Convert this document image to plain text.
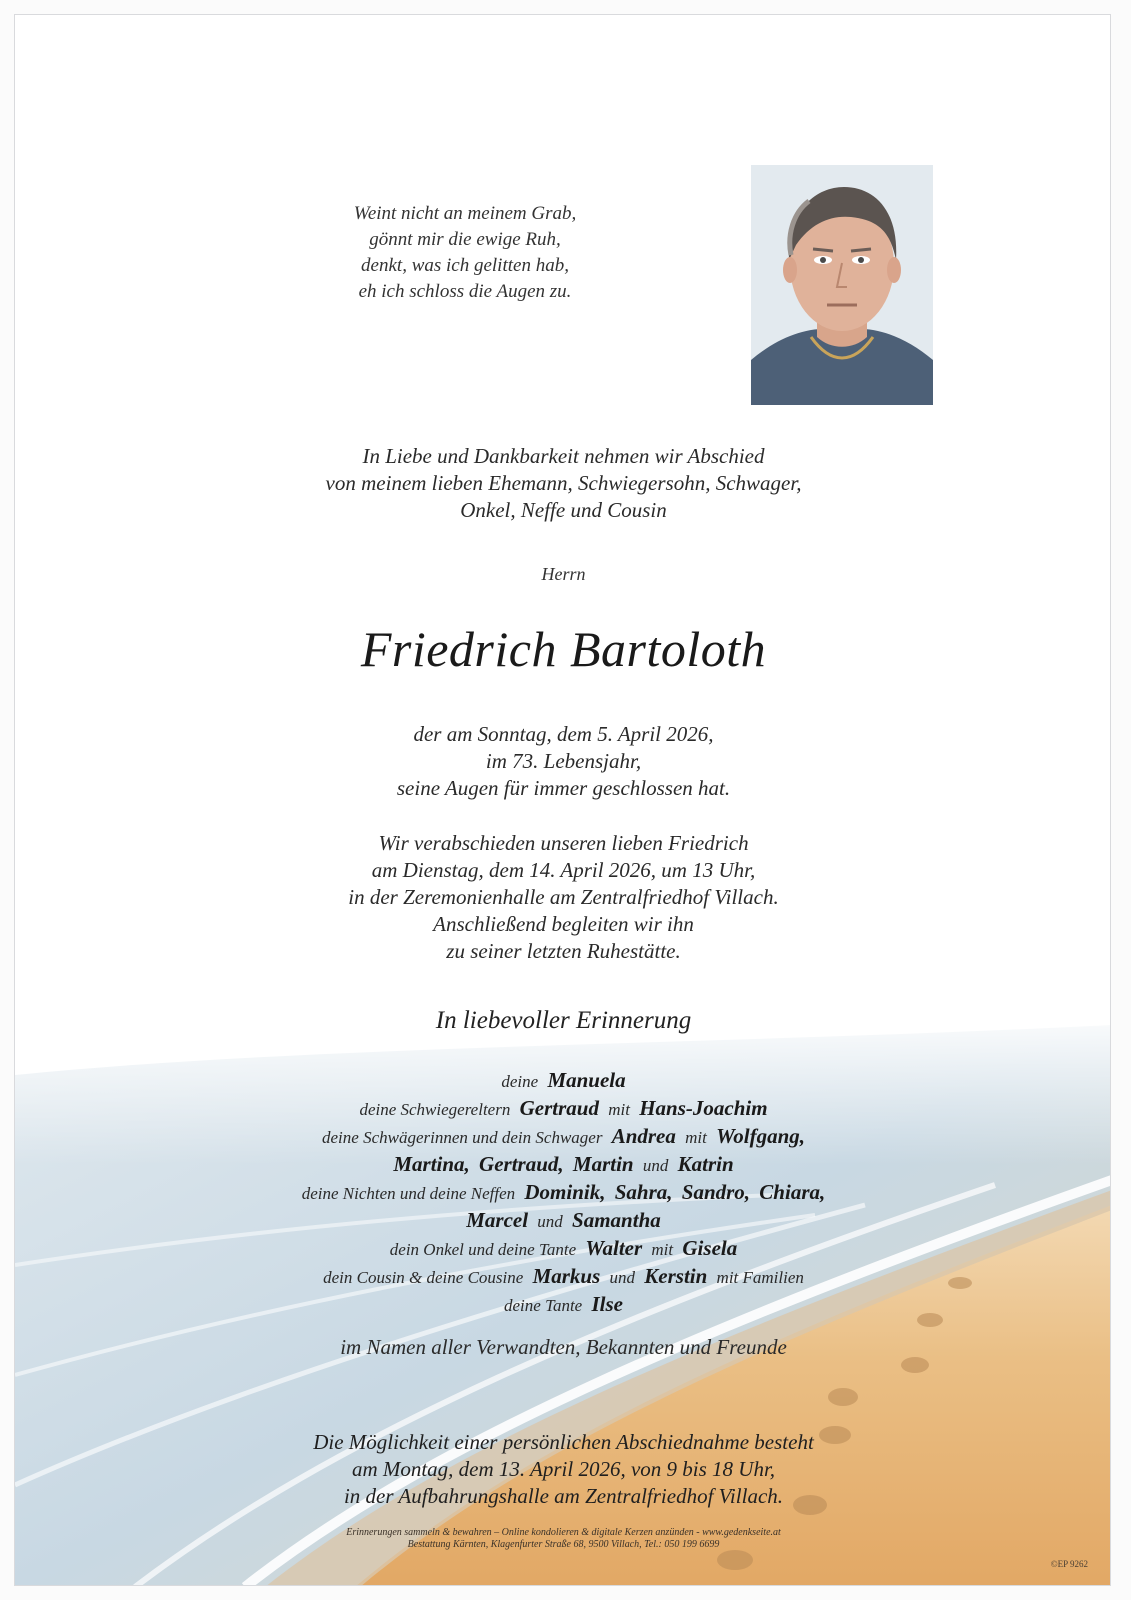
Weint nicht an meinem Grab,
gönnt mir die ewige Ruh,
denkt, was ich gelitten hab,
eh ich schloss die Augen zu.
In Liebe und Dankbarkeit nehmen wir Abschied
von meinem lieben Ehemann, Schwiegersohn, Schwager,
Onkel, Neffe und Cousin
Herrn
Friedrich Bartoloth
der am Sonntag, dem 5. April 2026,
im 73. Lebensjahr,
seine Augen für immer geschlossen hat.
Wir verabschieden unseren lieben Friedrich
am Dienstag, dem 14. April 2026, um 13 Uhr,
in der Zeremonienhalle am Zentralfriedhof Villach.
Anschließend begleiten wir ihn
zu seiner letzten Ruhestätte.
In liebevoller Erinnerung
deine Manuela
deine Schwiegereltern Gertraud mit Hans-Joachim
deine Schwägerinnen und dein Schwager Andrea mit Wolfgang,
Martina, Gertraud, Martin und Katrin
deine Nichten und deine Neffen Dominik, Sahra, Sandro, Chiara,
Marcel und Samantha
dein Onkel und deine Tante Walter mit Gisela
dein Cousin & deine Cousine Markus und Kerstin mit Familien
deine Tante Ilse
im Namen aller Verwandten, Bekannten und Freunde
Die Möglichkeit einer persönlichen Abschiednahme besteht
am Montag, dem 13. April 2026, von 9 bis 18 Uhr,
in der Aufbahrungshalle am Zentralfriedhof Villach.
Erinnerungen sammeln & bewahren – Online kondolieren & digitale Kerzen anzünden - www.gedenkseite.at
Bestattung Kärnten, Klagenfurter Straße 68, 9500 Villach, Tel.: 050 199 6699
©EP 9262
